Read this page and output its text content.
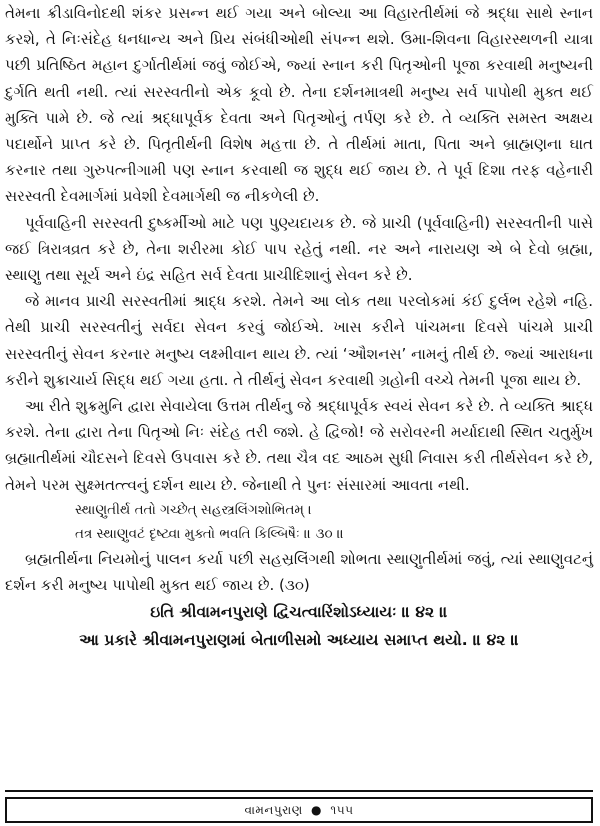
તેમના ક્રીડાવિનોદથી શંકર પ્રસન્ન થઈ ગયા અને બોલ્યા આ વિહારતીર્થમાં જે શ્રદ્ધા સાથે સ્નાન કરશે, તે નિઃસંદેહ ધનધાન્ય અને પ્રિય સંબંધીઓથી સંપન્ન થશે. ઉમા-શિવના વિહારસ્થળની યાત્રા પછી પ્રતિષ્ઠિત મહાન દુર્ગાતીર્થમાં જવું જોઈએ, જ્યાં સ્નાન કરી પિતૃઓની પૂજા કરવાથી મનુષ્યની દુર્ગતિ થતી નથી. ત્યાં સરસ્વતીનો એક કૂવો છે. તેના દર્શનમાત્રથી મનુષ્ય સર્વ પાપોથી મુક્ત થઈ મુક્તિ પામે છે. જે ત્યાં શ્રદ્ધાપૂર્વક દેવતા અને પિતૃઓનું તર્પણ કરે છે. તે વ્યક્તિ સમસ્ત અક્ષય પદાર્થોને પ્રાપ્ત કરે છે. પિતૃતીર્થની વિશેષ મહત્તા છે. તે તીર્થમાં માતા, પિતા અને બ્રાહ્મણના ઘાત કરનાર તથા ગુરુપત્નીગામી પણ સ્નાન કરવાથી જ શુદ્ધ થઈ જાય છે. તે પૂર્વ દિશા તરફ વહેનારી સરસ્વતી દેવમાર્ગમાં પ્રવેશી દેવમાર્ગથી જ નીકળેલી છે.

પૂર્વવાહિની સરસ્વતી દુષ્કર્મીઓ માટે પણ પુણ્યદાયક છે. જે પ્રાચી (પૂર્વવાહિની) સરસ્વતીની પાસે જઈ ત્રિરાત્રવ્રત કરે છે, તેના શરીરમા કોઈ પાપ રહેતું નથી. નર અને નારાયણ એ બે દેવો બ્રહ્મા, સ્થાણુ તથા સૂર્ય અને ઇંદ્ર સહિત સર્વ દેવતા પ્રાચીદિશાનું સેવન કરે છે.

જે માનવ પ્રાચી સરસ્વતીમાં શ્રાદ્ધ કરશે. તેમને આ લોક તથા પરલોકમાં કંઈ દુર્લભ રહેશે નહિ. તેથી પ્રાચી સરસ્વતીનું સર્વદા સેવન કરવું જોઈએ. ખાસ કરીને પાંચમના દિવસે પાંચમે પ્રાચી સરસ્વતીનું સેવન કરનાર મનુષ્ય લક્ષ્મીવાન થાય છે. ત્યાં ‘ઔશનસ’ નામનું તીર્થ છે. જ્યાં આરાધના કરીને શુક્રાચાર્ય સિદ્ધ થઈ ગયા હતા. તે તીર્થનું સેવન કરવાથી ગ્રહોની વચ્ચે તેમની પૂજા થાય છે.

આ રીતે શુક્રમુનિ દ્વારા સેવાયેલા ઉત્તમ તીર્થનુ જે શ્રદ્ધાપૂર્વક સ્વયં સેવન કરે છે. તે વ્યક્તિ શ્રાદ્ધ કરશે. તેના દ્વારા તેના પિતૃઓ નિઃ સંદેહ તરી જશે. હે દ્વિજો! જે સરોવરની મર્યાદાથી સ્થિત ચતુર્મુખ બ્રહ્માતીર્થમાં ચૌદસને દિવસે ઉપવાસ કરે છે. તથા ચૈત્ર વદ આઠમ સુધી નિવાસ કરી તીર્થસેવન કરે છે, તેમને પરમ સુક્ષ્મતત્ત્વનું દર્શન થાય છે. જેનાથી તે પુનઃ સંસારમાં આવતા નથી.

સ્થાણુતીર્થ તતો ગચ્છેત્ સહસ્ત્રલિંગશોભિતમ્ ।

તત્ર સ્થાણુવટં દૃષ્ટ્વા મુક્તો ભવતિ કિલ્બિષૈઃ ॥ ૩૦ ॥

બ્રહ્મતીર્થના નિયમોનું પાલન કર્યા પછી સહસ્રલિંગથી શોભતા સ્થાણુતીર્થમાં જવું, ત્યાં સ્થાણુવટનું દર્શન કરી મનુષ્ય પાપોથી મુક્ત થઈ જાય છે. (૩૦)

ઇતિ શ્રીવામનપુરાણે દ્વિચત્વારિંશોઽધ્યાયઃ ॥ ૪૨ ॥

આ પ્રકારે શ્રીવામનપુરાણમાં બેતાળીસમો અધ્યાય સમાપ્ત થયો. ॥ ૪૨ ॥

વામનપુરાણ ● ૧૫૫
